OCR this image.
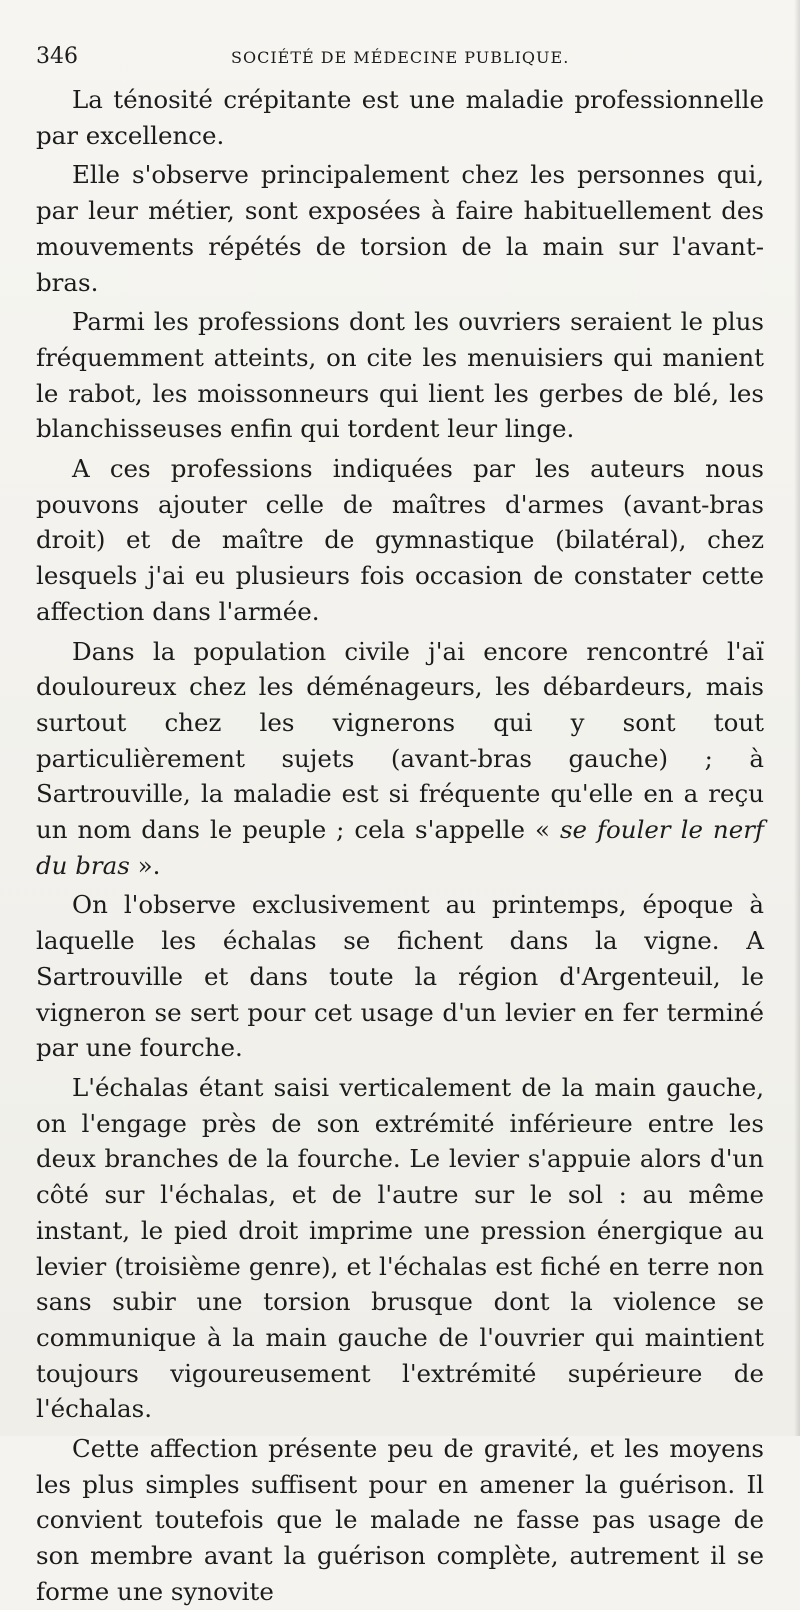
346	SOCIÉTÉ DE MÉDECINE PUBLIQUE.

La ténosité crépitante est une maladie professionnelle par excellence.

Elle s'observe principalement chez les personnes qui, par leur métier, sont exposées à faire habituellement des mouvements répétés de torsion de la main sur l'avant-bras.

Parmi les professions dont les ouvriers seraient le plus fréquemment atteints, on cite les menuisiers qui manient le rabot, les moissonneurs qui lient les gerbes de blé, les blanchisseuses enfin qui tordent leur linge.

A ces professions indiquées par les auteurs nous pouvons ajouter celle de maîtres d'armes (avant-bras droit) et de maître de gymnastique (bilatéral), chez lesquels j'ai eu plusieurs fois occasion de constater cette affection dans l'armée.

Dans la population civile j'ai encore rencontré l'aï douloureux chez les déménageurs, les débardeurs, mais surtout chez les vignerons qui y sont tout particulièrement sujets (avant-bras gauche) ; à Sartrouville, la maladie est si fréquente qu'elle en a reçu un nom dans le peuple ; cela s'appelle « se fouler le nerf du bras ».

On l'observe exclusivement au printemps, époque à laquelle les échalas se fichent dans la vigne. A Sartrouville et dans toute la région d'Argenteuil, le vigneron se sert pour cet usage d'un levier en fer terminé par une fourche.

L'échalas étant saisi verticalement de la main gauche, on l'engage près de son extrémité inférieure entre les deux branches de la fourche. Le levier s'appuie alors d'un côté sur l'échalas, et de l'autre sur le sol : au même instant, le pied droit imprime une pression énergique au levier (troisième genre), et l'échalas est fiché en terre non sans subir une torsion brusque dont la violence se communique à la main gauche de l'ouvrier qui maintient toujours vigoureusement l'extrémité supérieure de l'échalas.

Cette affection présente peu de gravité, et les moyens les plus simples suffisent pour en amener la guérison. Il convient toutefois que le malade ne fasse pas usage de son membre avant la guérison complète, autrement il se forme une synovite
